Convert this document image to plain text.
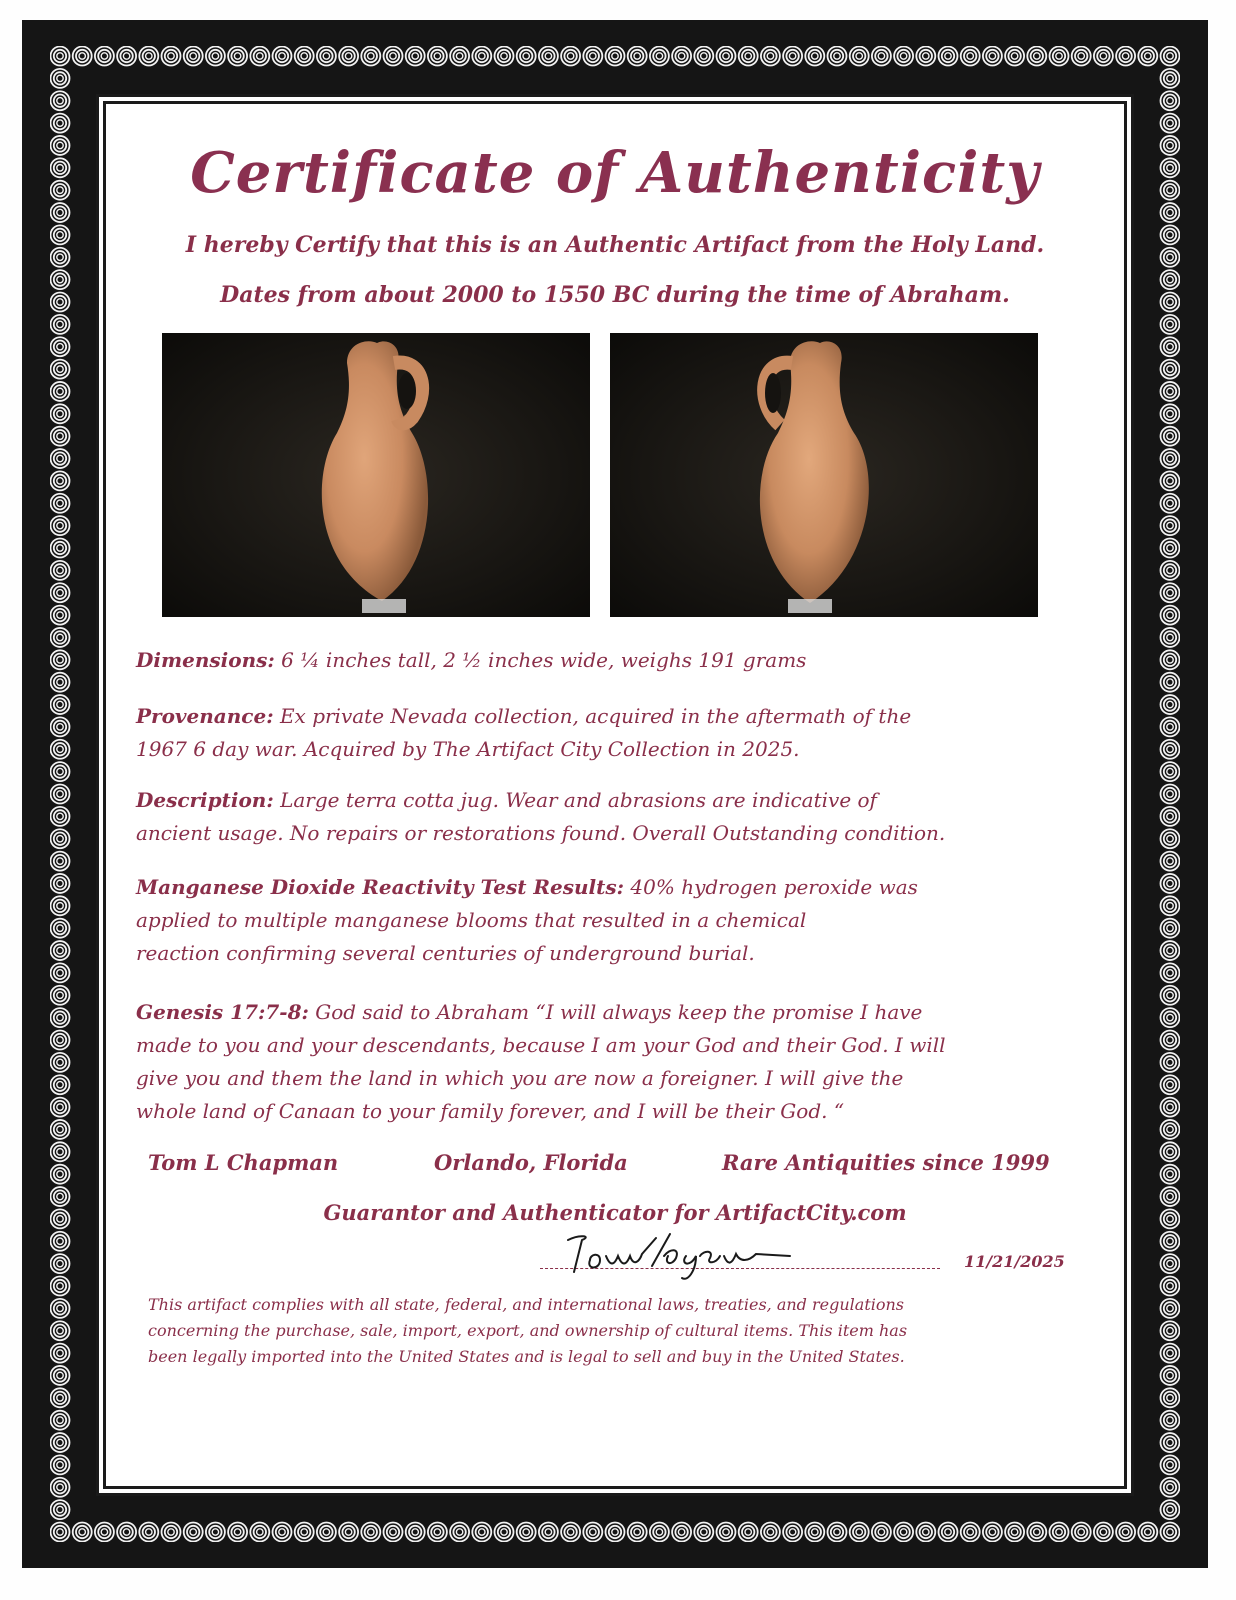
Certificate of Authenticity
I hereby Certify that this is an Authentic Artifact from the Holy Land.
Dates from about 2000 to 1550 BC during the time of Abraham.
Dimensions: 6 ¼ inches tall, 2 ½ inches wide, weighs 191 grams
Provenance: Ex private Nevada collection, acquired in the aftermath of the
1967 6 day war. Acquired by The Artifact City Collection in 2025.
Description: Large terra cotta jug. Wear and abrasions are indicative of
ancient usage. No repairs or restorations found. Overall Outstanding condition.
Manganese Dioxide Reactivity Test Results: 40% hydrogen peroxide was
applied to multiple manganese blooms that resulted in a chemical
reaction confirming several centuries of underground burial.
Genesis 17:7-8: God said to Abraham “I will always keep the promise I have
made to you and your descendants, because I am your God and their God. I will
give you and them the land in which you are now a foreigner. I will give the
whole land of Canaan to your family forever, and I will be their God. “
Tom L Chapman	Orlando, Florida	Rare Antiquities since 1999
Guarantor and Authenticator for ArtifactCity.com
11/21/2025
This artifact complies with all state, federal, and international laws, treaties, and regulations
concerning the purchase, sale, import, export, and ownership of cultural items. This item has
been legally imported into the United States and is legal to sell and buy in the United States.
